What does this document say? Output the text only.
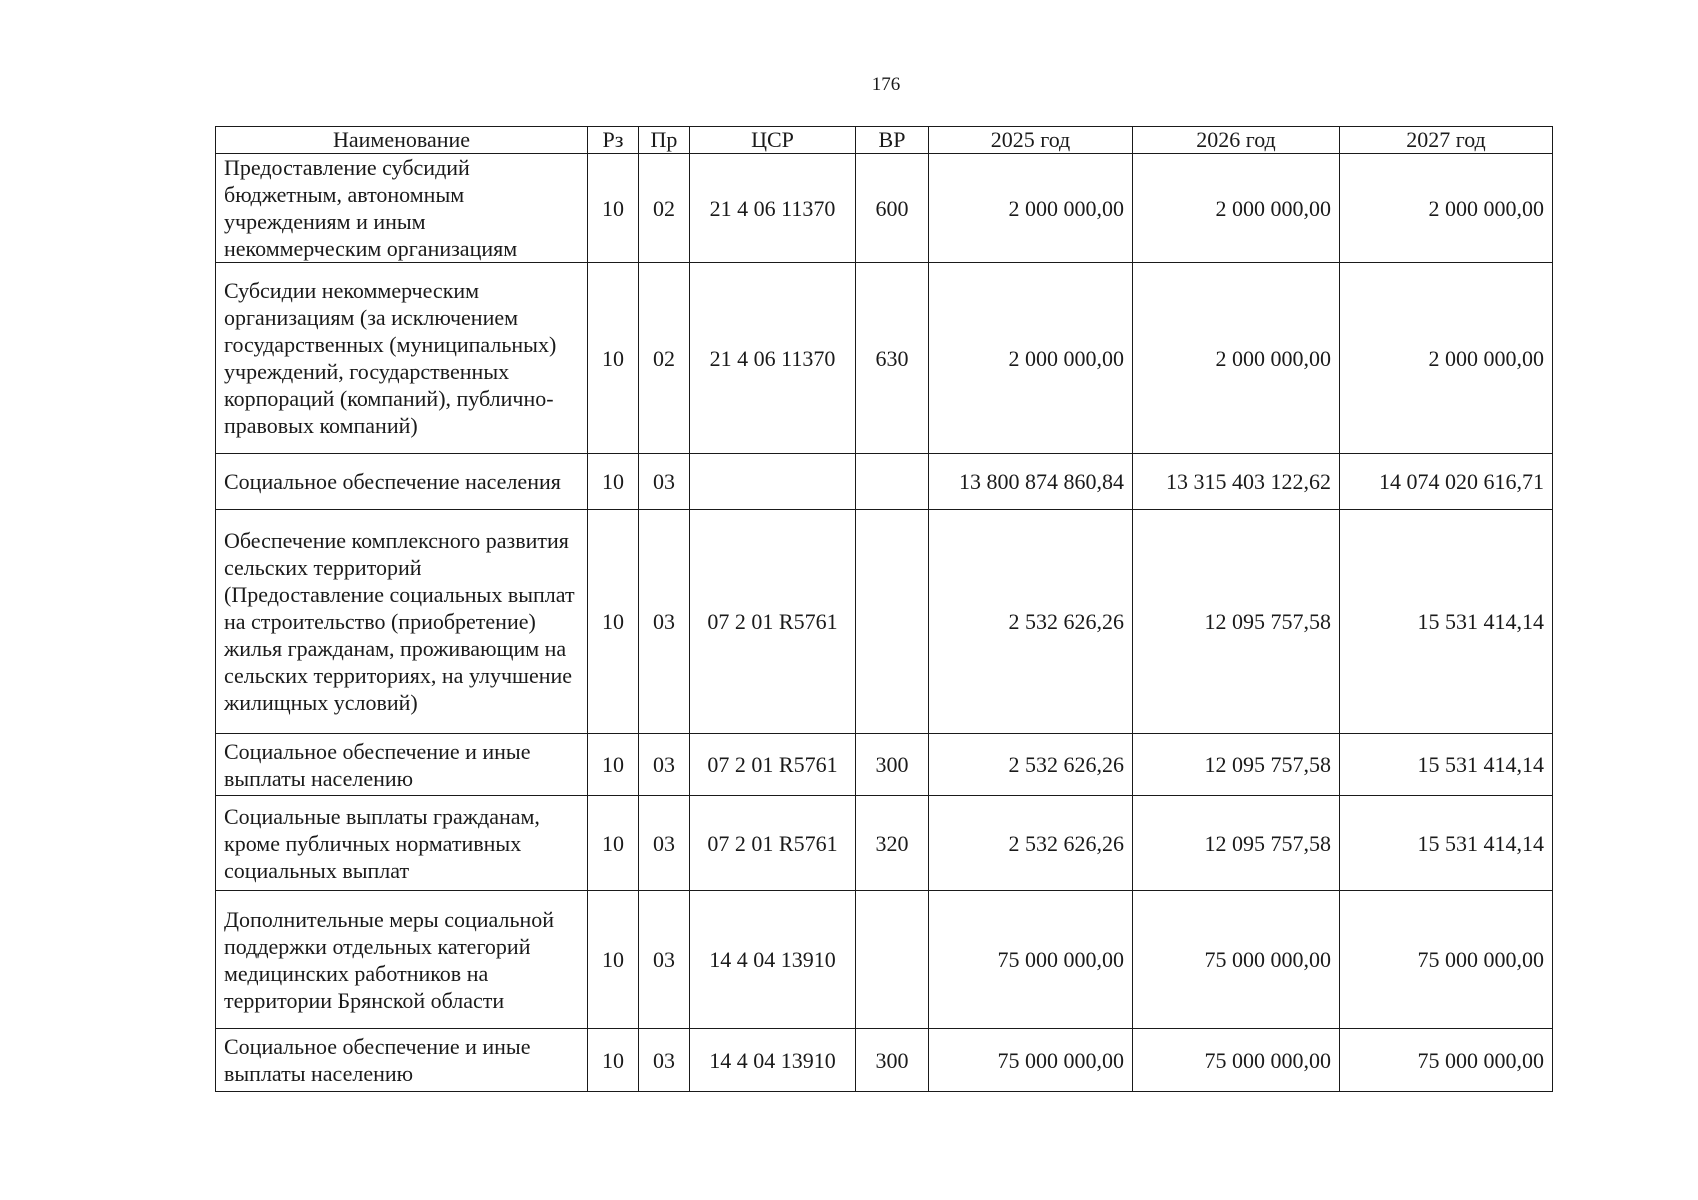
176
Наименование	Рз	Пр	ЦСР	ВР	2025 год	2026 год	2027 год
Предоставление субсидий бюджетным, автономным учреждениям и иным некоммерческим организациям	10	02	21 4 06 11370	600	2 000 000,00	2 000 000,00	2 000 000,00
Субсидии некоммерческим организациям (за исключением государственных (муниципальных) учреждений, государственных корпораций (компаний), публично-правовых компаний)	10	02	21 4 06 11370	630	2 000 000,00	2 000 000,00	2 000 000,00
Социальное обеспечение населения	10	03			13 800 874 860,84	13 315 403 122,62	14 074 020 616,71
Обеспечение комплексного развития сельских территорий (Предоставление социальных выплат на строительство (приобретение) жилья гражданам, проживающим на сельских территориях, на улучшение жилищных условий)	10	03	07 2 01 R5761		2 532 626,26	12 095 757,58	15 531 414,14
Социальное обеспечение и иные выплаты населению	10	03	07 2 01 R5761	300	2 532 626,26	12 095 757,58	15 531 414,14
Социальные выплаты гражданам, кроме публичных нормативных социальных выплат	10	03	07 2 01 R5761	320	2 532 626,26	12 095 757,58	15 531 414,14
Дополнительные меры социальной поддержки отдельных категорий медицинских работников на территории Брянской области	10	03	14 4 04 13910		75 000 000,00	75 000 000,00	75 000 000,00
Социальное обеспечение и иные выплаты населению	10	03	14 4 04 13910	300	75 000 000,00	75 000 000,00	75 000 000,00
